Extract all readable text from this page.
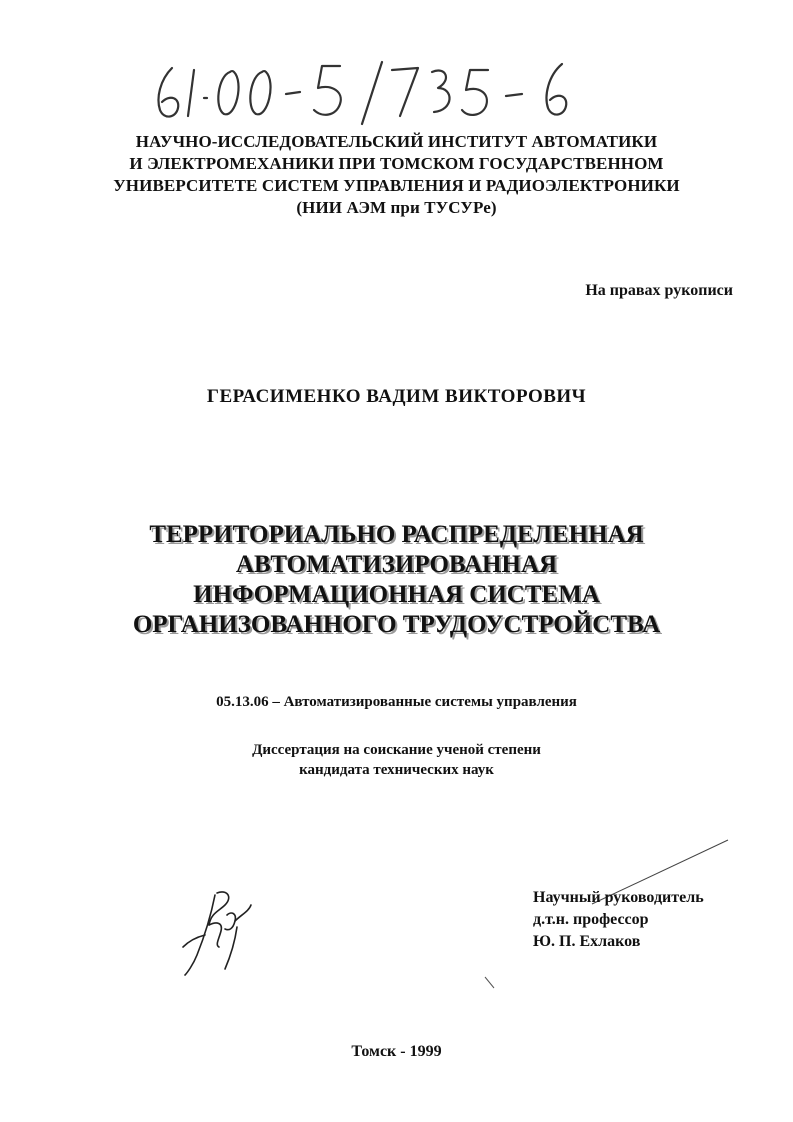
НАУЧНО-ИССЛЕДОВАТЕЛЬСКИЙ ИНСТИТУТ АВТОМАТИКИ
И ЭЛЕКТРОМЕХАНИКИ ПРИ ТОМСКОМ ГОСУДАРСТВЕННОМ
УНИВЕРСИТЕТЕ СИСТЕМ УПРАВЛЕНИЯ И РАДИОЭЛЕКТРОНИКИ
(НИИ АЭМ при ТУСУРе)
На правах рукописи
ГЕРАСИМЕНКО ВАДИМ ВИКТОРОВИЧ
ТЕРРИТОРИАЛЬНО РАСПРЕДЕЛЕННАЯ
АВТОМАТИЗИРОВАННАЯ
ИНФОРМАЦИОННАЯ СИСТЕМА
ОРГАНИЗОВАННОГО ТРУДОУСТРОЙСТВА
05.13.06 – Автоматизированные системы управления
Диссертация на соискание ученой степени
кандидата технических наук
Научный руководитель
д.т.н. профессор
Ю. П. Ехлаков
Томск - 1999
